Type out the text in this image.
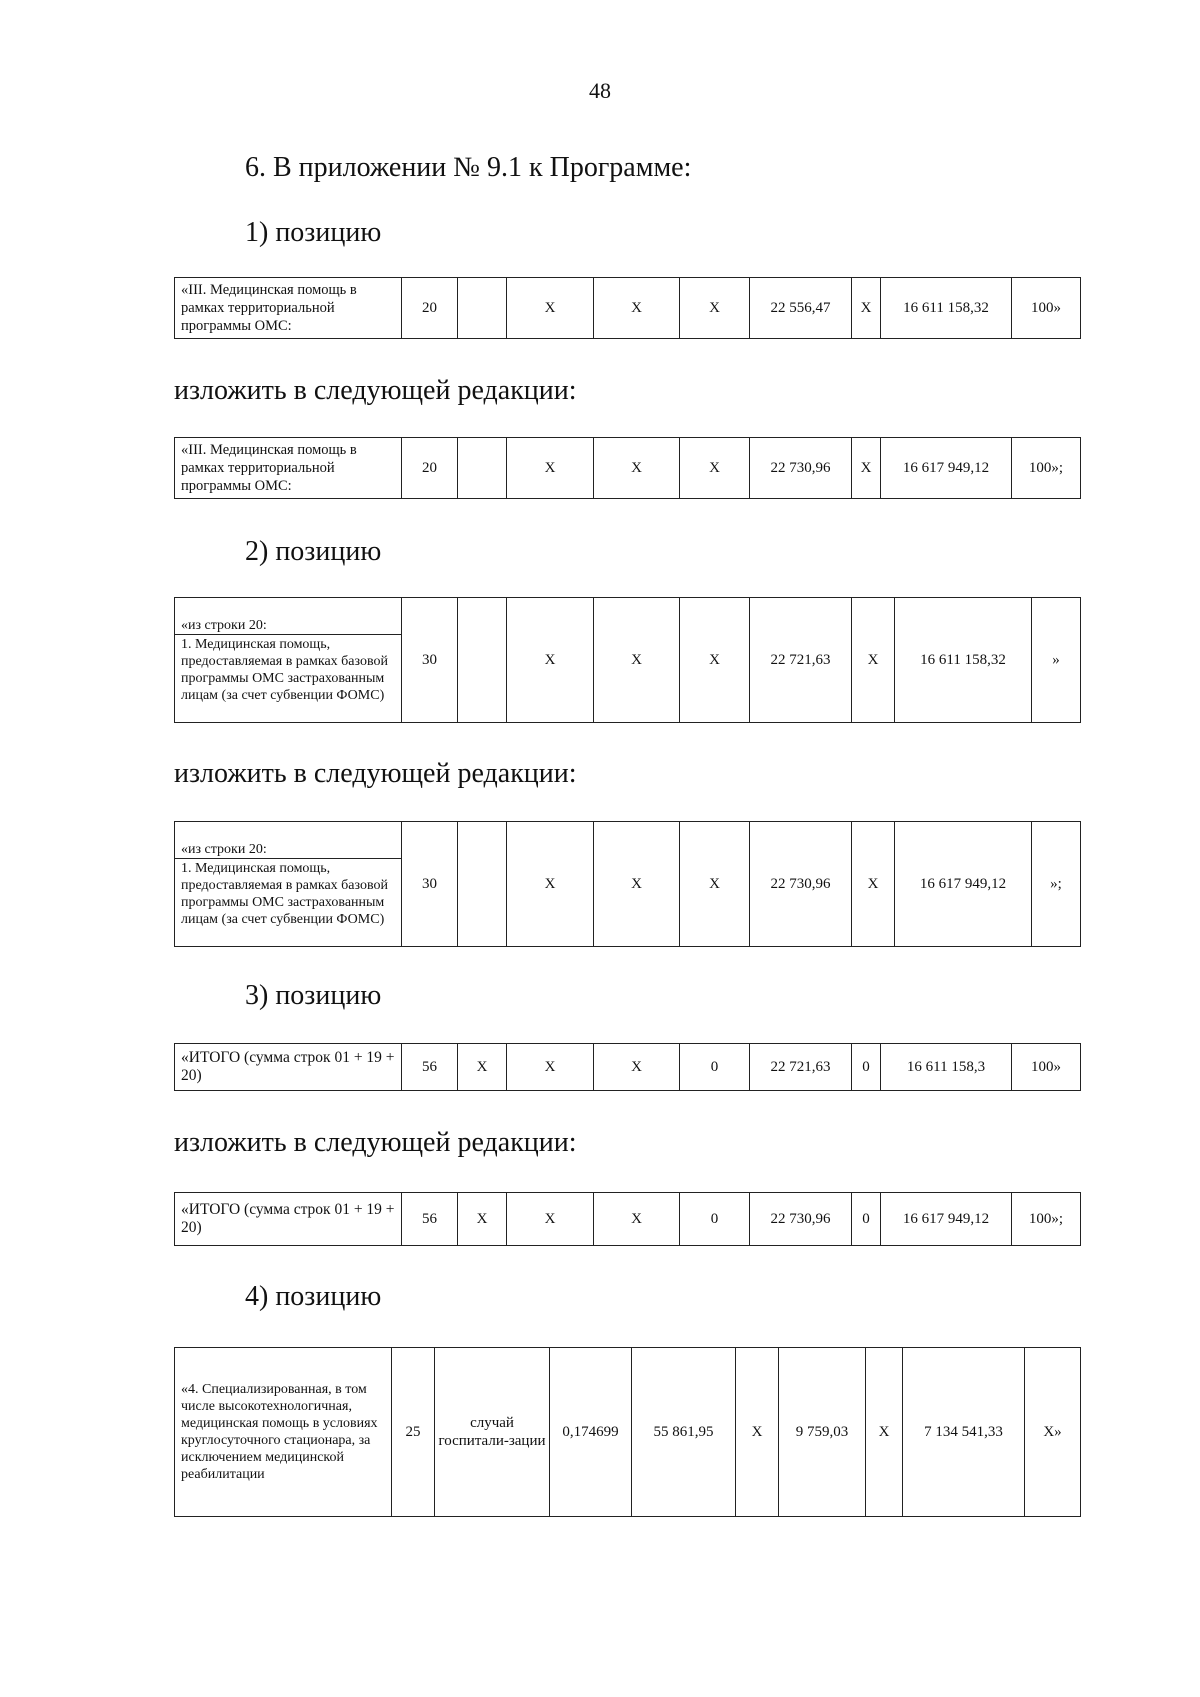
48
6. В приложении № 9.1 к Программе:
1) позицию
«III. Медицинская помощь в рамках территориальной программы ОМС:	20		Х	Х	Х	22 556,47	Х	16 611 158,32	100»
изложить в следующей редакции:
«III. Медицинская помощь в рамках территориальной программы ОМС:	20		Х	Х	Х	22 730,96	Х	16 617 949,12	100»;
2) позицию
«из строки 20:
1. Медицинская помощь, предоставляемая в рамках базовой программы ОМС застрахованным лицам (за счет субвенции ФОМС)	30		Х	Х	Х	22 721,63	Х	16 611 158,32	»
изложить в следующей редакции:
«из строки 20:
1. Медицинская помощь, предоставляемая в рамках базовой программы ОМС застрахованным лицам (за счет субвенции ФОМС)	30		Х	Х	Х	22 730,96	Х	16 617 949,12	»;
3) позицию
«ИТОГО (сумма строк 01 + 19 + 20)	56	Х	Х	Х	0	22 721,63	0	16 611 158,3	100»
изложить в следующей редакции:
«ИТОГО (сумма строк 01 + 19 + 20)	56	Х	Х	Х	0	22 730,96	0	16 617 949,12	100»;
4) позицию
«4. Специализированная, в том числе высокотехнологичная, медицинская помощь в условиях круглосуточного стационара, за исключением медицинской реабилитации	25	случай госпитали-зации	0,174699	55 861,95	Х	9 759,03	Х	7 134 541,33	Х»
